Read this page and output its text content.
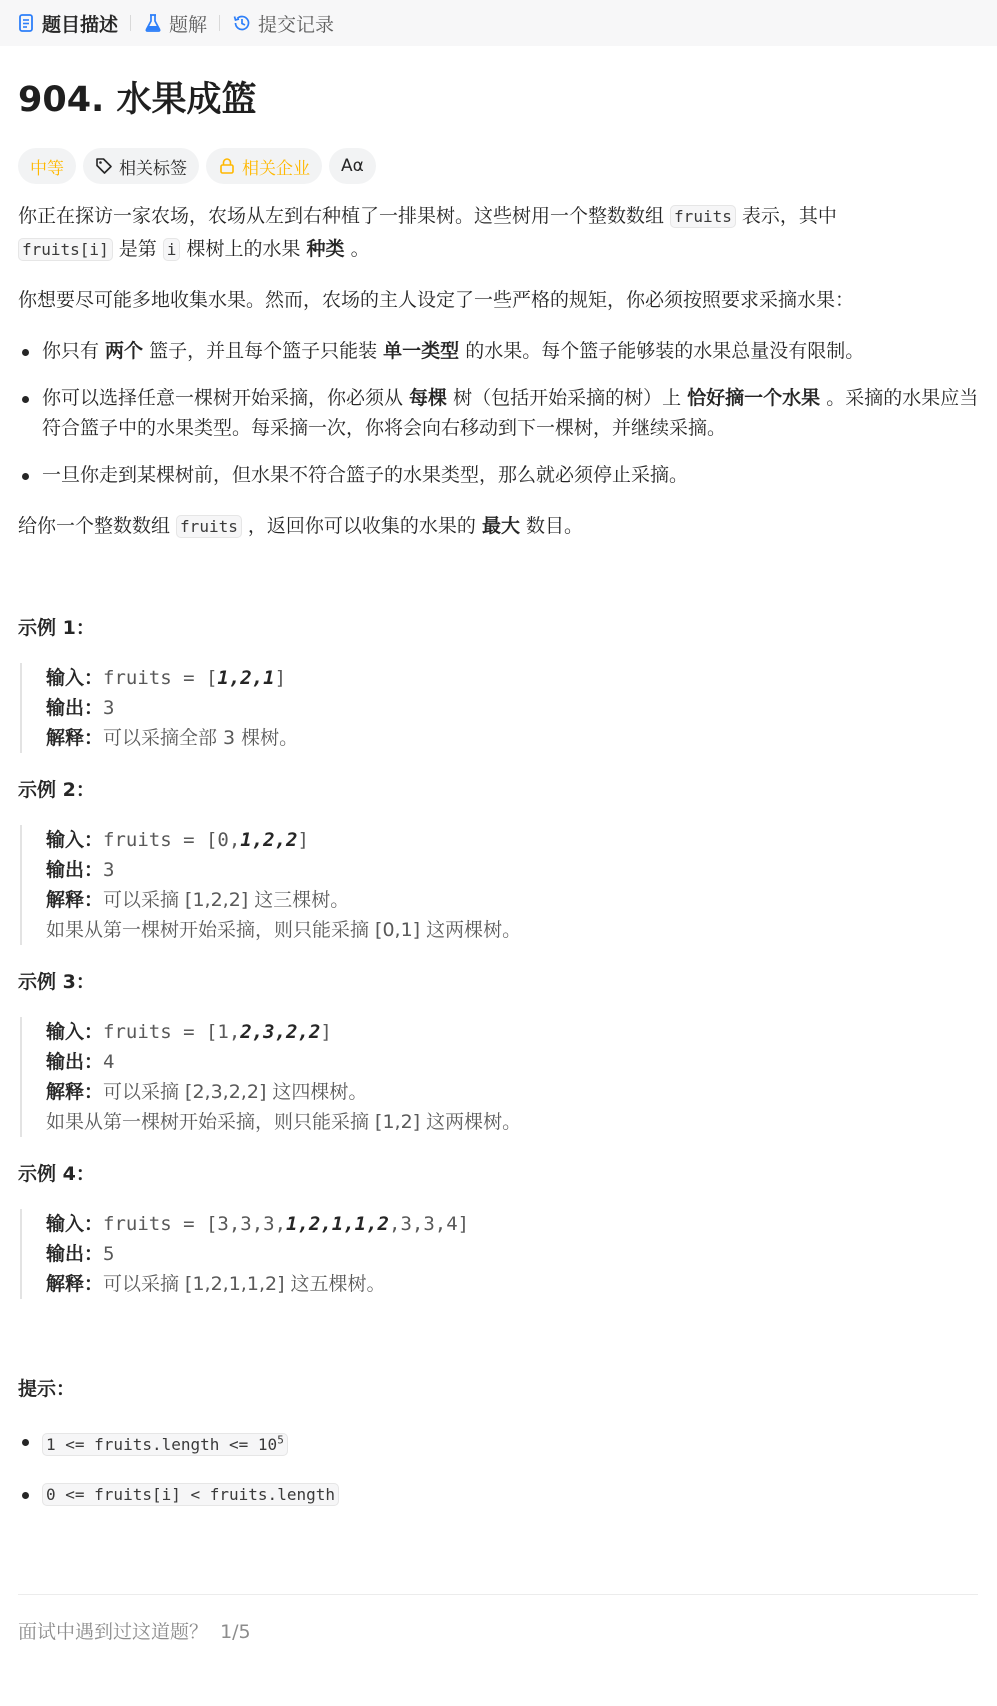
题目描述	题解	提交记录
904. 水果成篮
中等	相关标签	相关企业	Aα

你正在探访一家农场，农场从左到右种植了一排果树。这些树用一个整数数组 fruits 表示，其中
fruits[i] 是第 i 棵树上的水果 种类 。

你想要尽可能多地收集水果。然而，农场的主人设定了一些严格的规矩，你必须按照要求采摘水果：

你只有 两个 篮子，并且每个篮子只能装 单一类型 的水果。每个篮子能够装的水果总量没有限制。
你可以选择任意一棵树开始采摘，你必须从 每棵 树（包括开始采摘的树）上 恰好摘一个水果 。采摘的水果应当符合篮子中的水果类型。每采摘一次，你将会向右移动到下一棵树，并继续采摘。
一旦你走到某棵树前，但水果不符合篮子的水果类型，那么就必须停止采摘。

给你一个整数数组 fruits ，返回你可以收集的水果的 最大 数目。

示例 1：
输入：fruits = [1,2,1]
输出：3
解释：可以采摘全部 3 棵树。
示例 2：
输入：fruits = [0,1,2,2]
输出：3
解释：可以采摘 [1,2,2] 这三棵树。
如果从第一棵树开始采摘，则只能采摘 [0,1] 这两棵树。
示例 3：
输入：fruits = [1,2,3,2,2]
输出：4
解释：可以采摘 [2,3,2,2] 这四棵树。
如果从第一棵树开始采摘，则只能采摘 [1,2] 这两棵树。
示例 4：
输入：fruits = [3,3,3,1,2,1,1,2,3,3,4]
输出：5
解释：可以采摘 [1,2,1,1,2] 这五棵树。
提示：
1 <= fruits.length <= $10^5$
0 <= fruits[i] < fruits.length
面试中遇到过这道题？ 1/5
